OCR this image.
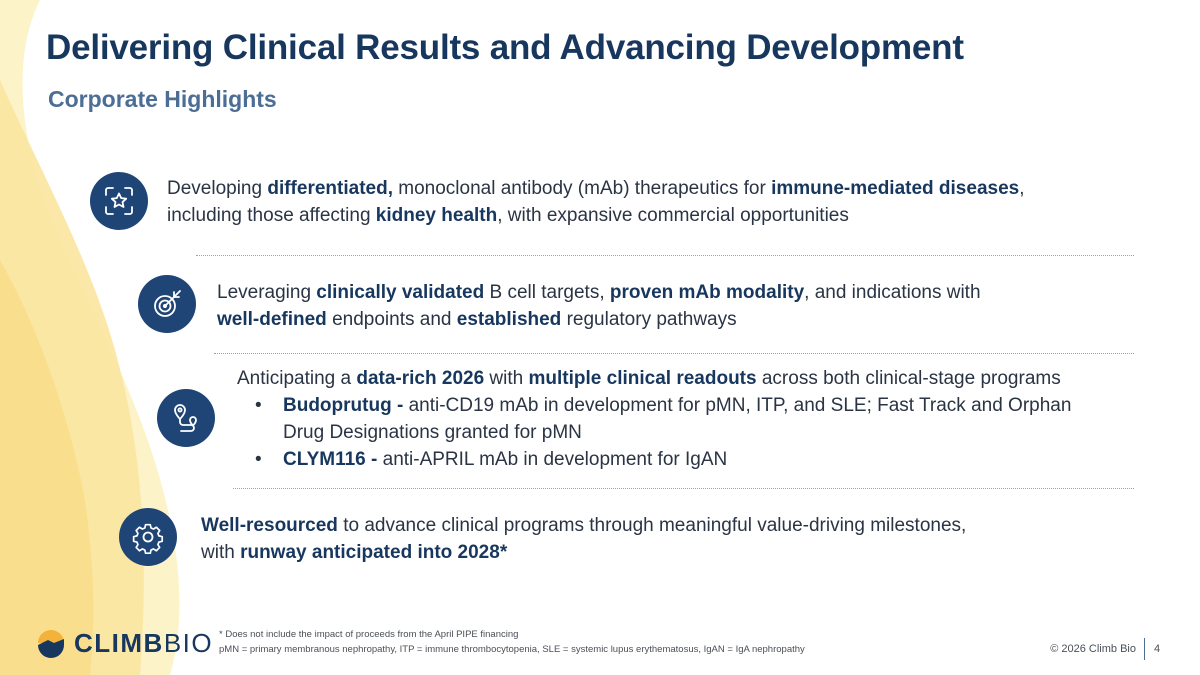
Delivering Clinical Results and Advancing Development
Corporate Highlights
Developing differentiated, monoclonal antibody (mAb) therapeutics for immune-mediated diseases,
including those affecting kidney health, with expansive commercial opportunities
Leveraging clinically validated B cell targets, proven mAb modality, and indications with
well-defined endpoints and established regulatory pathways
Anticipating a data-rich 2026 with multiple clinical readouts across both clinical-stage programs
• Budoprutug - anti-CD19 mAb in development for pMN, ITP, and SLE; Fast Track and Orphan
Drug Designations granted for pMN
• CLYM116 - anti-APRIL mAb in development for IgAN
Well-resourced to advance clinical programs through meaningful value-driving milestones,
with runway anticipated into 2028*
* Does not include the impact of proceeds from the April PIPE financing
pMN = primary membranous nephropathy, ITP = immune thrombocytopenia, SLE = systemic lupus erythematosus, IgAN = IgA nephropathy
CLIMBBIO	© 2026 Climb Bio 4
